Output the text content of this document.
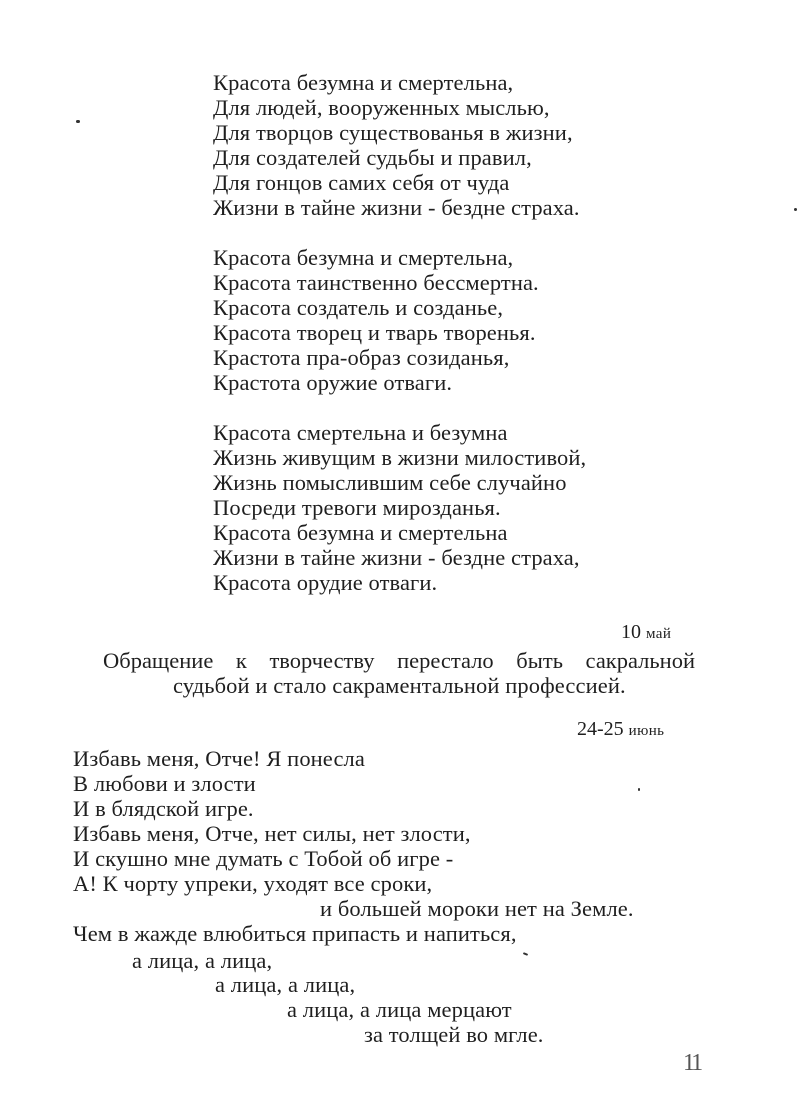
Красота безумна и смертельна,
Для людей, вооруженных мыслью,
Для творцов существованья в жизни,
Для создателей судьбы и правил,
Для гонцов самих себя от чуда
Жизни в тайне жизни - бездне страха.
Красота безумна и смертельна,
Красота таинственно бессмертна.
Красота создатель и созданье,
Красота творец и тварь творенья.
Крастота пра-образ созиданья,
Крастота оружие отваги.
Красота смертельна и безумна
Жизнь живущим в жизни милостивой,
Жизнь помыслившим себе случайно
Посреди тревоги мирозданья.
Красота безумна и смертельна
Жизни в тайне жизни - бездне страха,
Красота орудие отваги.
10 май
Обращение к творчеству перестало быть сакральной
судьбой и стало сакраментальной профессией.
24-25 июнь
Избавь меня, Отче! Я понесла
В любови и злости
И в блядской игре.
Избавь меня, Отче, нет силы, нет злости,
И скушно мне думать с Тобой об игре -
А! К чорту упреки, уходят все сроки,
и большей мороки нет на Земле.
Чем в жажде влюбиться припасть и напиться,
а лица, а лица,
а лица, а лица,
а лица, а лица мерцают
за толщей во мгле.
11
